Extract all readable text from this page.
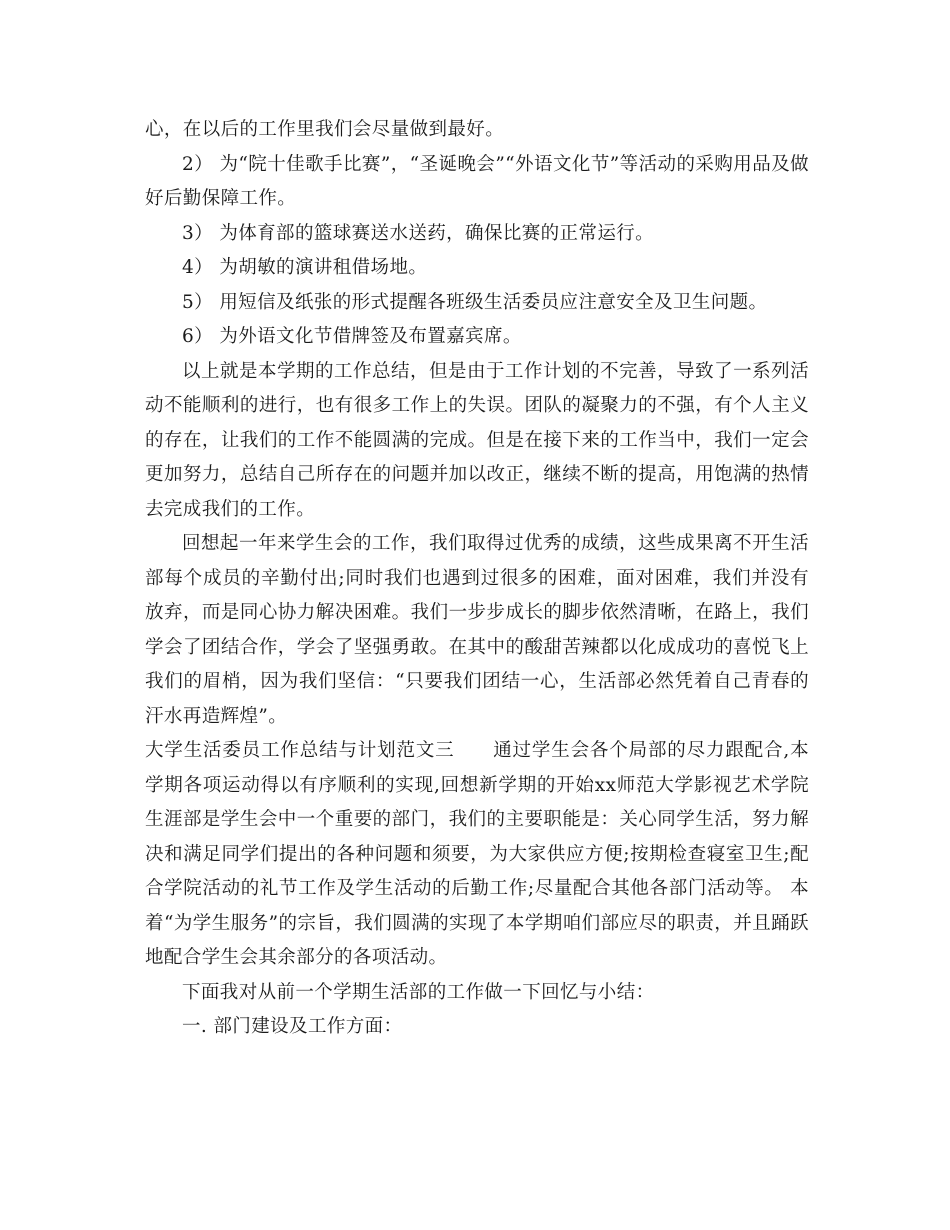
心，在以后的工作里我们会尽量做到最好。

2） 为“院十佳歌手比赛”，“圣诞晚会”“外语文化节”等活动的采购用品及做好后勤保障工作。

3） 为体育部的篮球赛送水送药，确保比赛的正常运行。

4） 为胡敏的演讲租借场地。

5） 用短信及纸张的形式提醒各班级生活委员应注意安全及卫生问题。

6） 为外语文化节借牌签及布置嘉宾席。

以上就是本学期的工作总结，但是由于工作计划的不完善，导致了一系列活动不能顺利的进行，也有很多工作上的失误。团队的凝聚力的不强，有个人主义的存在，让我们的工作不能圆满的完成。但是在接下来的工作当中，我们一定会更加努力，总结自己所存在的问题并加以改正，继续不断的提高，用饱满的热情去完成我们的工作。

回想起一年来学生会的工作，我们取得过优秀的成绩，这些成果离不开生活部每个成员的辛勤付出;同时我们也遇到过很多的困难，面对困难，我们并没有放弃，而是同心协力解决困难。我们一步步成长的脚步依然清晰，在路上，我们学会了团结合作，学会了坚强勇敢。在其中的酸甜苦辣都以化成成功的喜悦飞上我们的眉梢，因为我们坚信：“只要我们团结一心，生活部必然凭着自己青春的汗水再造辉煌”。

大学生活委员工作总结与计划范文三　　通过学生会各个局部的尽力跟配合,本学期各项运动得以有序顺利的实现,回想新学期的开始xx师范大学影视艺术学院生涯部是学生会中一个重要的部门，我们的主要职能是：关心同学生活，努力解决和满足同学们提出的各种问题和须要，为大家供应方便;按期检查寝室卫生;配合学院活动的礼节工作及学生活动的后勤工作;尽量配合其他各部门活动等。 本着“为学生服务”的宗旨，我们圆满的实现了本学期咱们部应尽的职责，并且踊跃地配合学生会其余部分的各项活动。

下面我对从前一个学期生活部的工作做一下回忆与小结：

一. 部门建设及工作方面：
